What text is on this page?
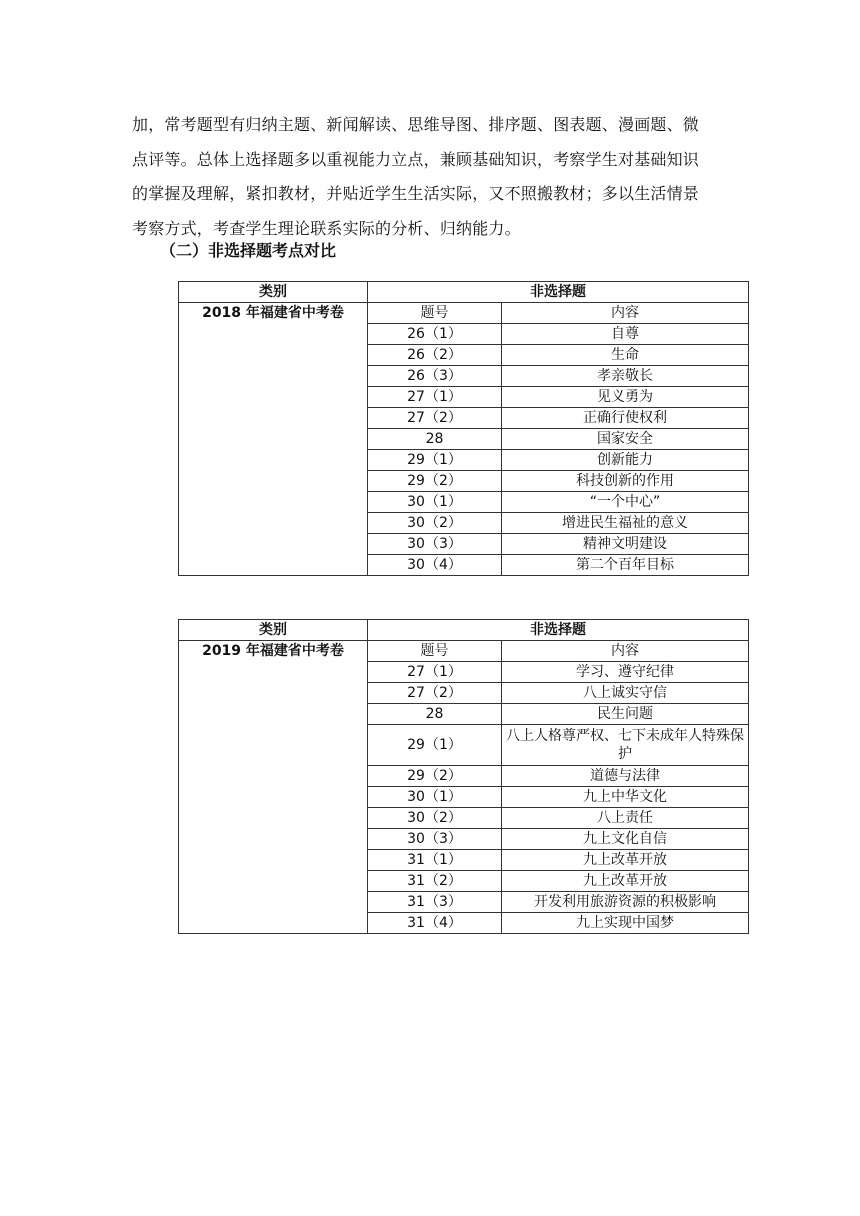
加，常考题型有归纳主题、新闻解读、思维导图、排序题、图表题、漫画题、微
点评等。总体上选择题多以重视能力立点，兼顾基础知识，考察学生对基础知识
的掌握及理解，紧扣教材，并贴近学生生活实际，又不照搬教材；多以生活情景
考察方式，考查学生理论联系实际的分析、归纳能力。

（二）非选择题考点对比
类别	非选择题	
2018 年福建省中考卷	题号	内容
	26（1）	自尊
	26（2）	生命
	26（3）	孝亲敬长
	27（1）	见义勇为
	27（2）	正确行使权利
	28	国家安全
	29（1）	创新能力
	29（2）	科技创新的作用
	30（1）	“一个中心”
	30（2）	增进民生福祉的意义
	30（3）	精神文明建设
	30（4）	第二个百年目标
类别	非选择题	
2019 年福建省中考卷	题号	内容
	27（1）	学习、遵守纪律
	27（2）	八上诚实守信
	28	民生问题
	29（1）	八上人格尊严权、七下未成年人特殊保护
	29（2）	道德与法律
	30（1）	九上中华文化
	30（2）	八上责任
	30（3）	九上文化自信
	31（1）	九上改革开放
	31（2）	九上改革开放
	31（3）	开发利用旅游资源的积极影响
	31（4）	九上实现中国梦
